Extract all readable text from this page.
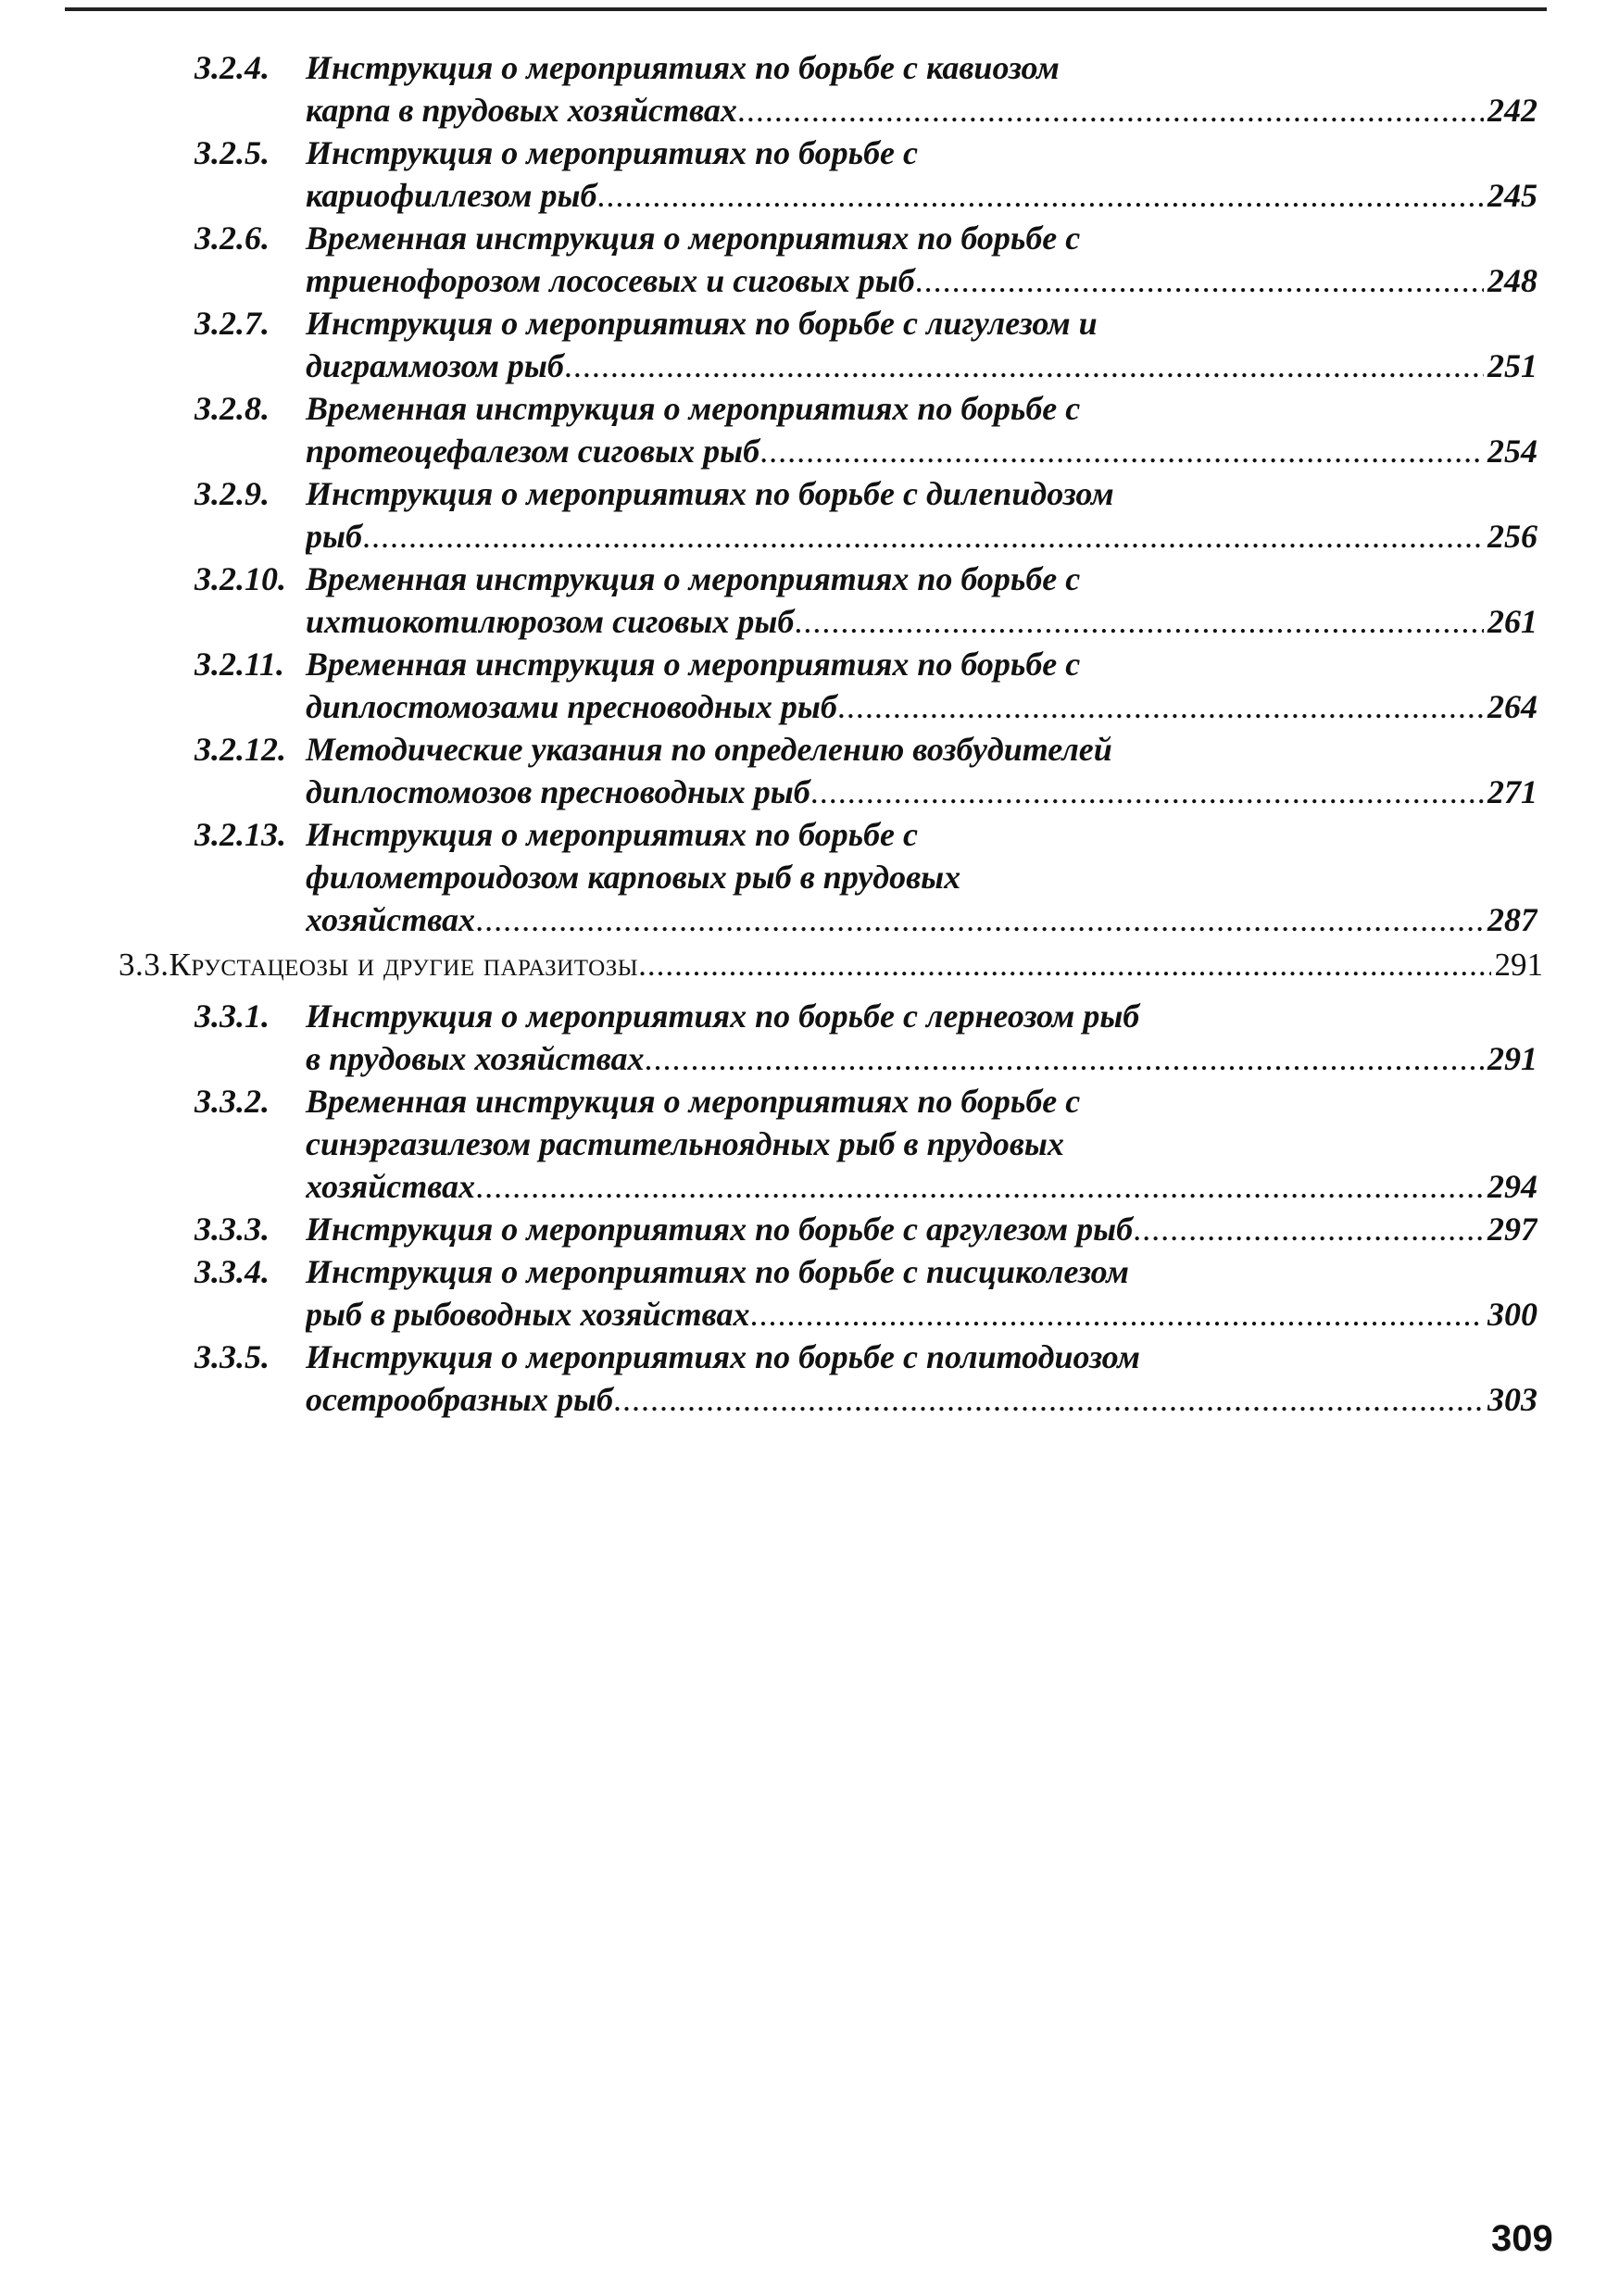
3.2.4. Инструкция о мероприятиях по борьбе с кавиозом
карпа в прудовых хозяйствах .....	242
3.2.5. Инструкция о мероприятиях по борьбе с
кариофиллезом рыб .....	245
3.2.6. Временная инструкция о мероприятиях по борьбе с
триенофорозом лососевых и сиговых рыб .....	248
3.2.7. Инструкция о мероприятиях по борьбе с лигулезом и
диграммозом рыб .....	251
3.2.8. Временная инструкция о мероприятиях по борьбе с
протеоцефалезом сиговых рыб .....	254
3.2.9. Инструкция о мероприятиях по борьбе с дилепидозом
рыб .....	256
3.2.10. Временная инструкция о мероприятиях по борьбе с
ихтиокотилюрозом сиговых рыб .....	261
3.2.11. Временная инструкция о мероприятиях по борьбе с
диплостомозами пресноводных рыб .....	264
3.2.12. Методические указания по определению возбудителей
диплостомозов пресноводных рыб .....	271
3.2.13. Инструкция о мероприятиях по борьбе с
филометроидозом карповых рыб в прудовых
хозяйствах .....	287
3.3. Крустацеозы и другие паразитозы .....	291
3.3.1. Инструкция о мероприятиях по борьбе с лернеозом рыб
в прудовых хозяйствах .....	291
3.3.2. Временная инструкция о мероприятиях по борьбе с
синэргазилезом растительноядных рыб в прудовых
хозяйствах .....	294
3.3.3. Инструкция о мероприятиях по борьбе с аргулезом рыб .....	297
3.3.4. Инструкция о мероприятиях по борьбе с писциколезом
рыб в рыбоводных хозяйствах .....	300
3.3.5. Инструкция о мероприятиях по борьбе с политодиозом
осетрообразных рыб .....	303
309
